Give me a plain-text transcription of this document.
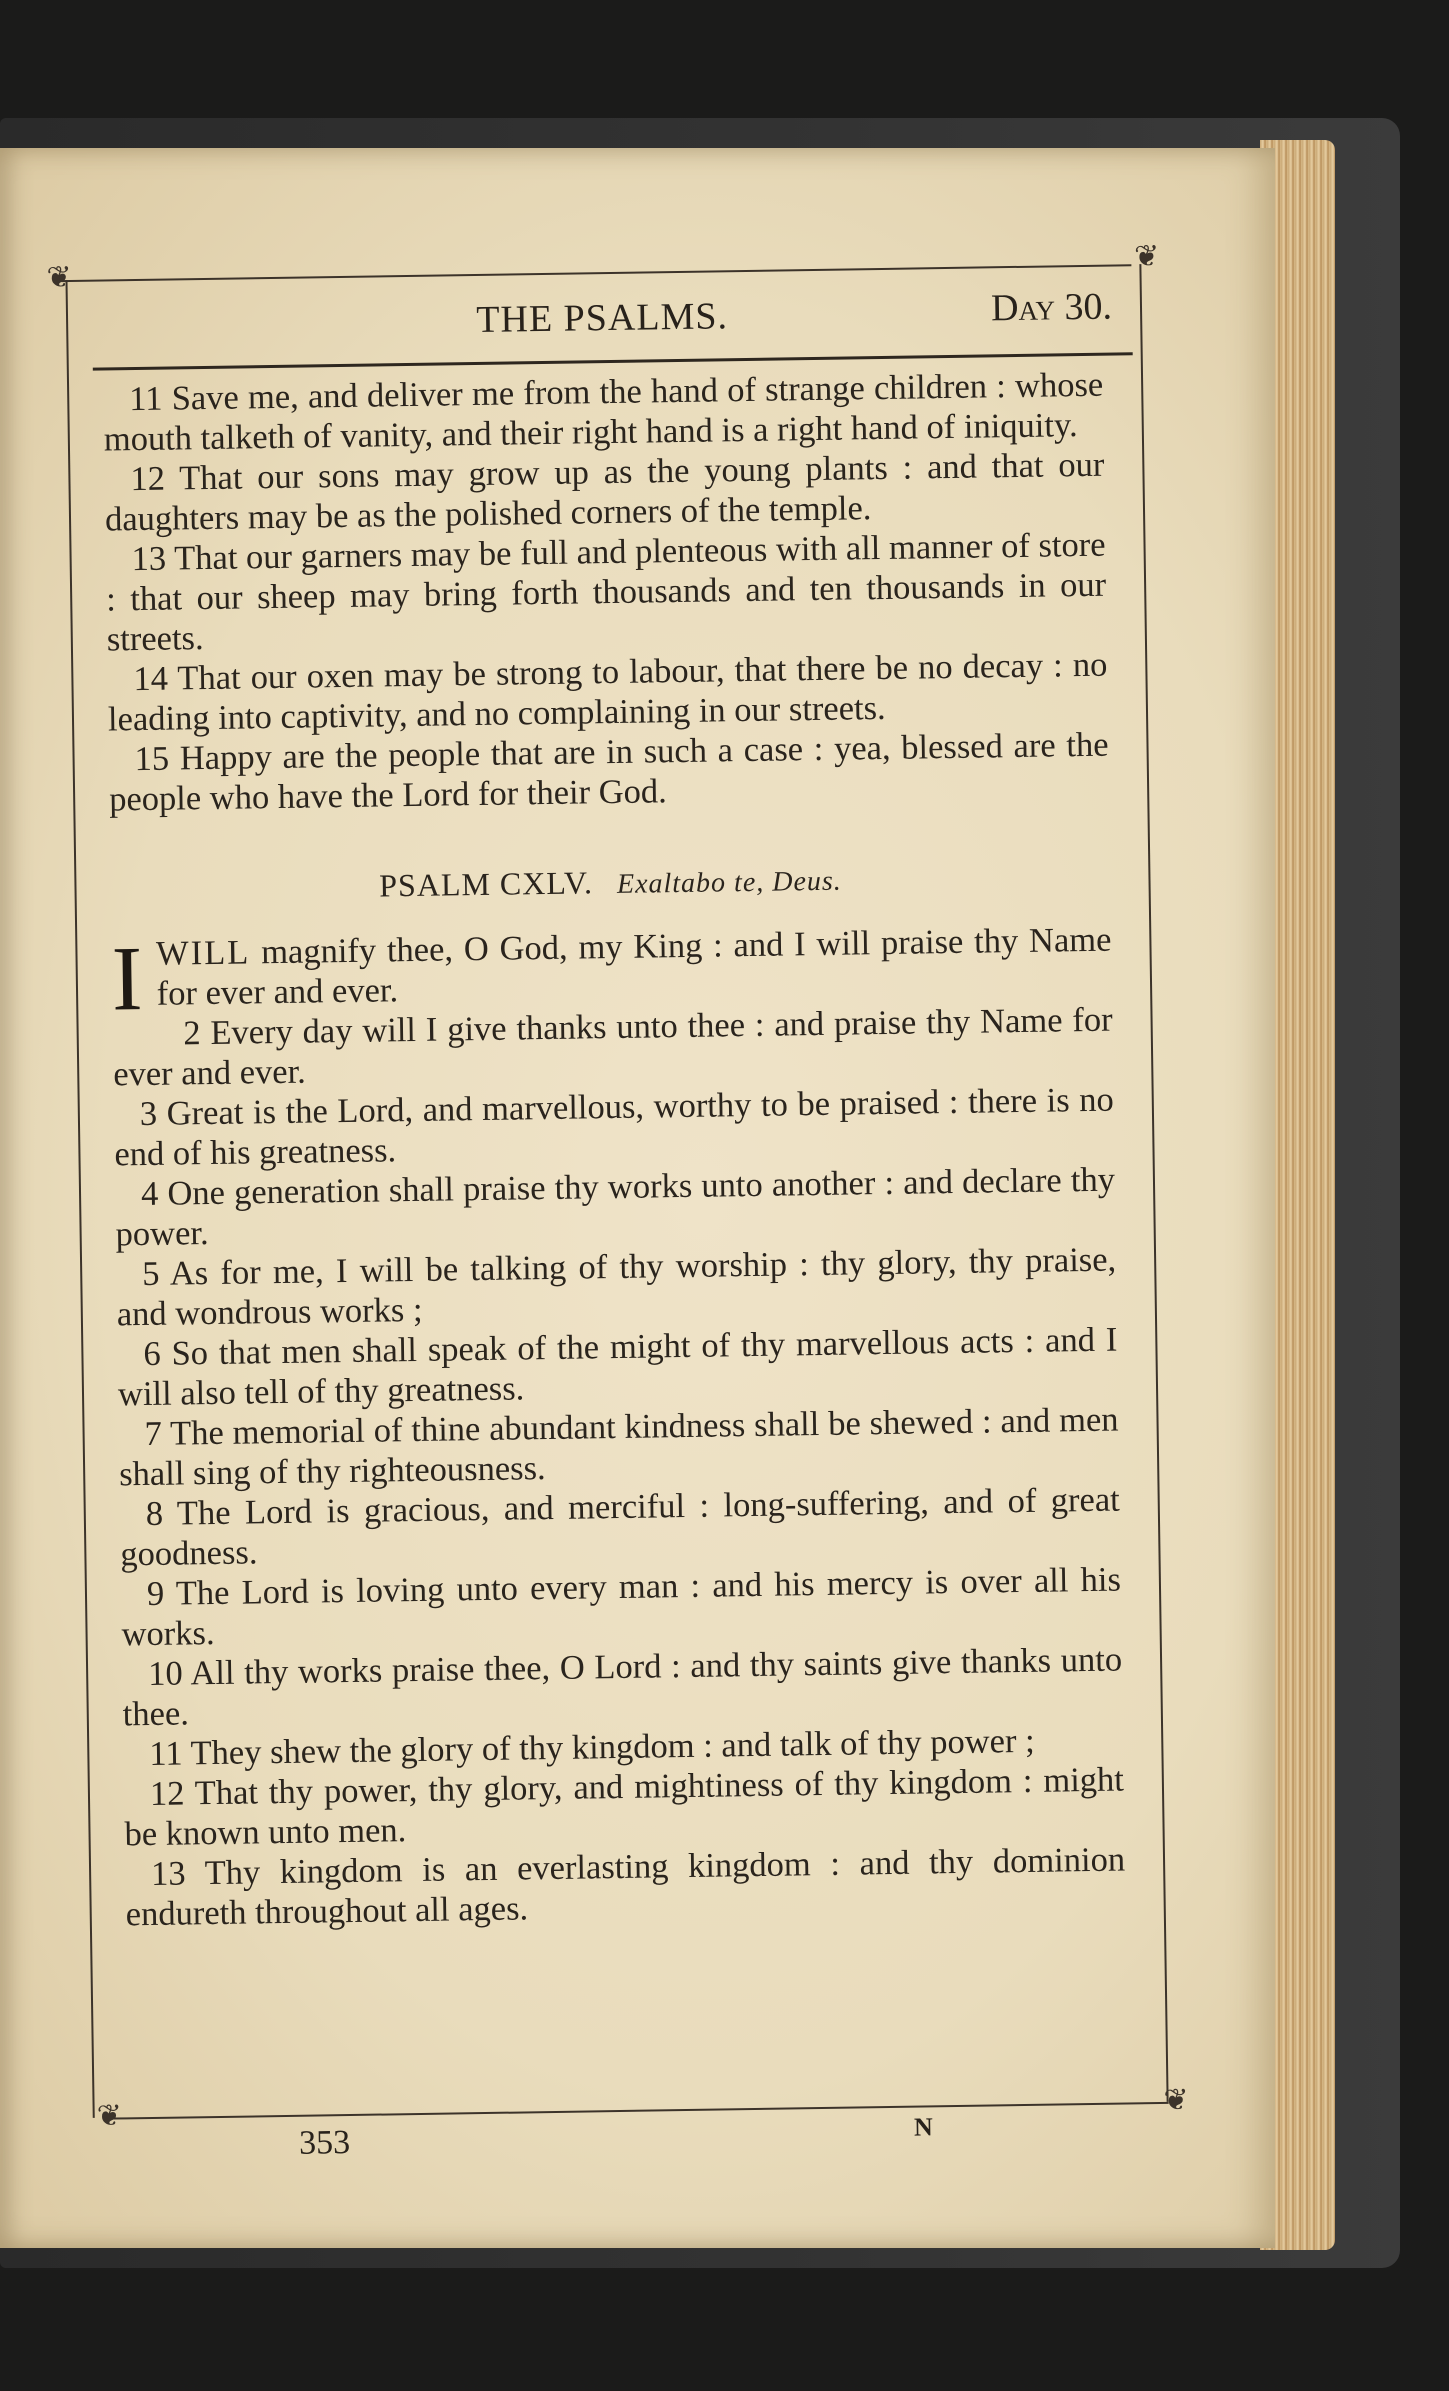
❦
❦
❦	❦
THE PSALMS.	Day 30.

11 Save me, and deliver me from the hand of strange children : whose mouth talketh of vanity, and their right hand is a right hand of iniquity.

12 That our sons may grow up as the young plants : and that our daughters may be as the polished corners of the temple.

13 That our garners may be full and plenteous with all manner of store : that our sheep may bring forth thousands and ten thousands in our streets.

14 That our oxen may be strong to labour, that there be no decay : no leading into captivity, and no complaining in our streets.

15 Happy are the people that are in such a case : yea, blessed are the people who have the Lord for their God.

PSALM CXLV. Exaltabo te, Deus.

I WILL magnify thee, O God, my King : and I will praise thy Name for ever and ever.

2 Every day will I give thanks unto thee : and praise thy Name for ever and ever.

3 Great is the Lord, and marvellous, worthy to be praised : there is no end of his greatness.

4 One generation shall praise thy works unto another : and declare thy power.

5 As for me, I will be talking of thy worship : thy glory, thy praise, and wondrous works ;

6 So that men shall speak of the might of thy marvellous acts : and I will also tell of thy greatness.

7 The memorial of thine abundant kindness shall be shewed : and men shall sing of thy righteousness.

8 The Lord is gracious, and merciful : long-suffering, and of great goodness.

9 The Lord is loving unto every man : and his mercy is over all his works.

10 All thy works praise thee, O Lord : and thy saints give thanks unto thee.

11 They shew the glory of thy kingdom : and talk of thy power ;

12 That thy power, thy glory, and mightiness of thy kingdom : might be known unto men.

13 Thy kingdom is an everlasting kingdom : and thy dominion endureth throughout all ages.

353	N
